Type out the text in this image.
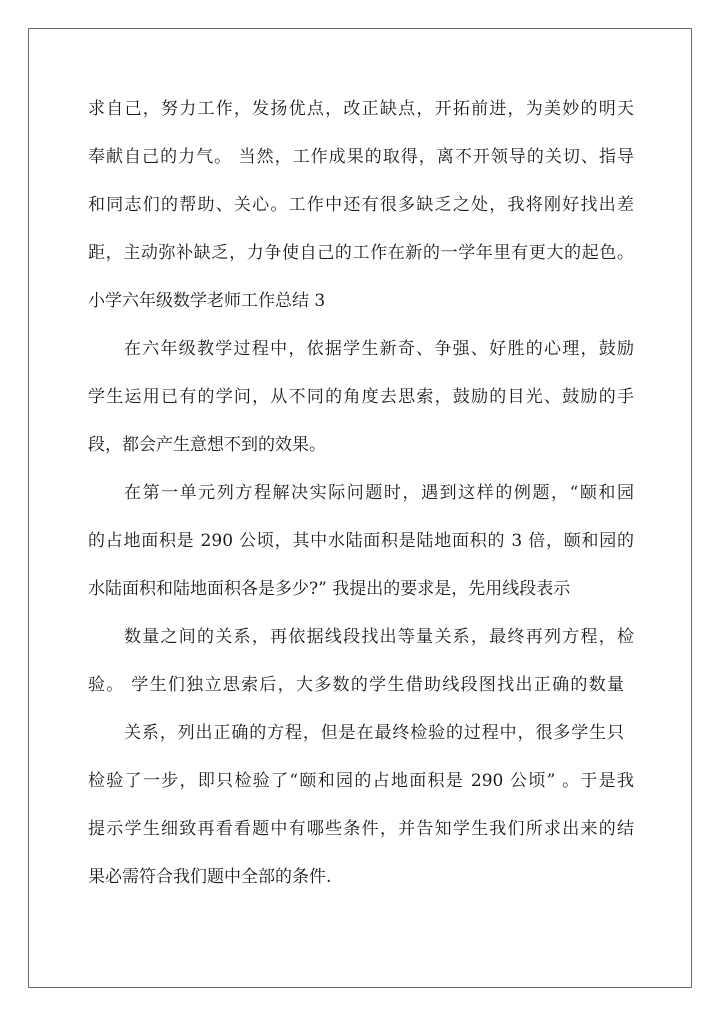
求自己，努力工作，发扬优点，改正缺点，开拓前进，为美妙的明天
奉献自己的力气。 当然，工作成果的取得，离不开领导的关切、指导
和同志们的帮助、关心。工作中还有很多缺乏之处，我将刚好找出差
距，主动弥补缺乏，力争使自己的工作在新的一学年里有更大的起色。
小学六年级数学老师工作总结 3
在六年级教学过程中，依据学生新奇、争强、好胜的心理，鼓励
学生运用已有的学问，从不同的角度去思索，鼓励的目光、鼓励的手
段，都会产生意想不到的效果。
在第一单元列方程解决实际问题时，遇到这样的例题，“颐和园
的占地面积是 290 公顷，其中水陆面积是陆地面积的 3 倍，颐和园的
水陆面积和陆地面积各是多少?” 我提出的要求是，先用线段表示
数量之间的关系，再依据线段找出等量关系，最终再列方程，检
验。 学生们独立思索后，大多数的学生借助线段图找出正确的数量
关系，列出正确的方程，但是在最终检验的过程中，很多学生只
检验了一步，即只检验了“颐和园的占地面积是 290 公顷” 。于是我
提示学生细致再看看题中有哪些条件，并告知学生我们所求出来的结
果必需符合我们题中全部的条件.
